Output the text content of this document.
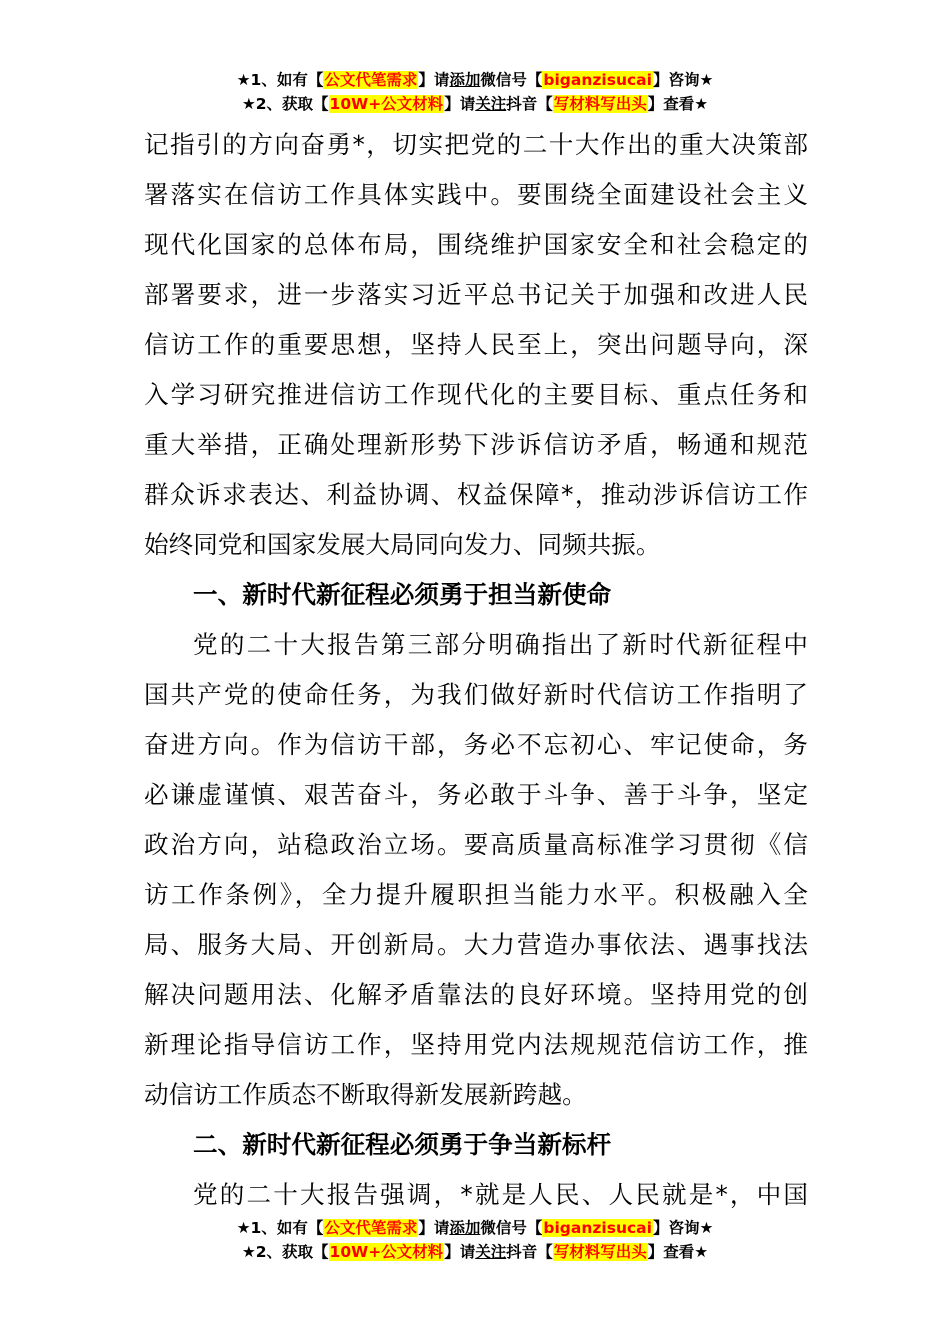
★1、如有【公文代笔需求】请添加微信号【biganzisucai】咨询★
★2、获取【10W+公文材料】请关注抖音【写材料写出头】查看★
记指引的方向奋勇*，切实把党的二十大作出的重大决策部
署落实在信访工作具体实践中。要围绕全面建设社会主义
现代化国家的总体布局，围绕维护国家安全和社会稳定的
部署要求，进一步落实习近平总书记关于加强和改进人民
信访工作的重要思想，坚持人民至上，突出问题导向，深
入学习研究推进信访工作现代化的主要目标、重点任务和
重大举措，正确处理新形势下涉诉信访矛盾，畅通和规范
群众诉求表达、利益协调、权益保障*，推动涉诉信访工作
始终同党和国家发展大局同向发力、同频共振。
一、新时代新征程必须勇于担当新使命
党的二十大报告第三部分明确指出了新时代新征程中
国共产党的使命任务，为我们做好新时代信访工作指明了
奋进方向。作为信访干部，务必不忘初心、牢记使命，务
必谦虚谨慎、艰苦奋斗，务必敢于斗争、善于斗争，坚定
政治方向，站稳政治立场。要高质量高标准学习贯彻《信
访工作条例》，全力提升履职担当能力水平。积极融入全
局、服务大局、开创新局。大力营造办事依法、遇事找法
解决问题用法、化解矛盾靠法的良好环境。坚持用党的创
新理论指导信访工作，坚持用党内法规规范信访工作，推
动信访工作质态不断取得新发展新跨越。
二、新时代新征程必须勇于争当新标杆
党的二十大报告强调，*就是人民、人民就是*，中国
★1、如有【公文代笔需求】请添加微信号【biganzisucai】咨询★
★2、获取【10W+公文材料】请关注抖音【写材料写出头】查看★
